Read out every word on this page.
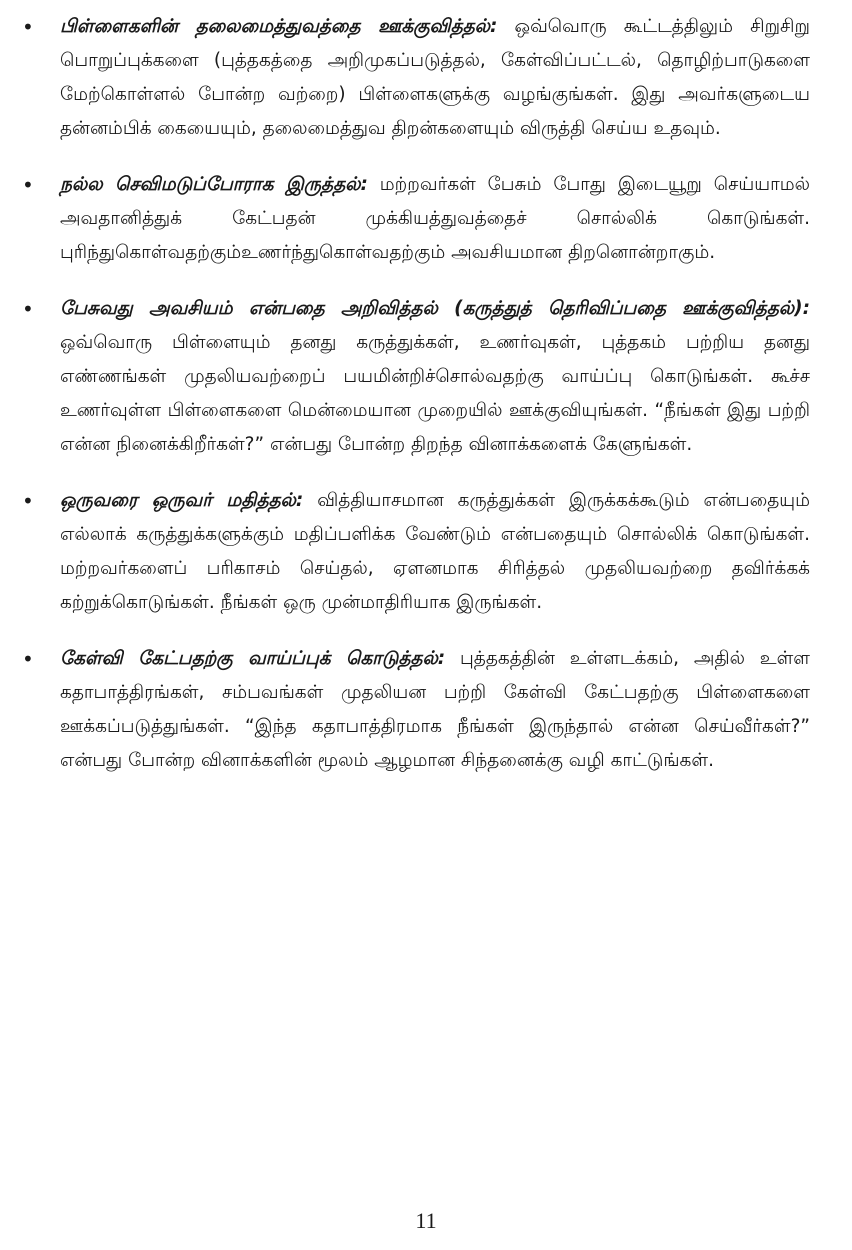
• பிள்ளைகளின் தலைமைத்துவத்தை ஊக்குவித்தல்: ஒவ்வொரு கூட்டத்திலும் சிறுசிறு பொறுப்புக்களை (புத்தகத்தை அறிமுகப்படுத்தல், கேள்விப்பட்டல், தொழிற்பாடுகளை மேற்கொள்ளல் போன்ற வற்றை) பிள்ளைகளுக்கு வழங்குங்கள். இது அவர்களுடைய தன்னம்பிக் கையையும், தலைமைத்துவ திறன்களையும் விருத்தி செய்ய உதவும்.

• நல்ல செவிமடுப்போராக இருத்தல்: மற்றவர்கள் பேசும் போது இடையூறு செய்யாமல் அவதானித்துக் கேட்பதன் முக்கியத்துவத்தைச் சொல்லிக் கொடுங்கள். புரிந்துகொள்வதற்கும்உணர்ந்துகொள்வதற்கும் அவசியமான திறனொன்றாகும்.

• பேசுவது அவசியம் என்பதை அறிவித்தல் (கருத்துத் தெரிவிப்பதை ஊக்குவித்தல்): ஒவ்வொரு பிள்ளையும் தனது கருத்துக்கள், உணர்வுகள், புத்தகம் பற்றிய தனது எண்ணங்கள் முதலியவற்றைப் பயமின்றிச்சொல்வதற்கு வாய்ப்பு கொடுங்கள். கூச்ச உணர்வுள்ள பிள்ளைகளை மென்மையான முறையில் ஊக்குவியுங்கள். “நீங்கள் இது பற்றி என்ன நினைக்கிறீர்கள்?” என்பது போன்ற திறந்த வினாக்களைக் கேளுங்கள்.

• ஒருவரை ஒருவர் மதித்தல்: வித்தியாசமான கருத்துக்கள் இருக்கக்கூடும் என்பதையும் எல்லாக் கருத்துக்களுக்கும் மதிப்பளிக்க வேண்டும் என்பதையும் சொல்லிக் கொடுங்கள். மற்றவர்களைப் பரிகாசம் செய்தல், ஏளனமாக சிரித்தல் முதலியவற்றை தவிர்க்கக் கற்றுக்கொடுங்கள். நீங்கள் ஒரு முன்மாதிரியாக இருங்கள்.

• கேள்வி கேட்பதற்கு வாய்ப்புக் கொடுத்தல்: புத்தகத்தின் உள்ளடக்கம், அதில் உள்ள கதாபாத்திரங்கள், சம்பவங்கள் முதலியன பற்றி கேள்வி கேட்பதற்கு பிள்ளைகளை ஊக்கப்படுத்துங்கள். “இந்த கதாபாத்திரமாக நீங்கள் இருந்தால் என்ன செய்வீர்கள்?” என்பது போன்ற வினாக்களின் மூலம் ஆழமான சிந்தனைக்கு வழி காட்டுங்கள்.

11
